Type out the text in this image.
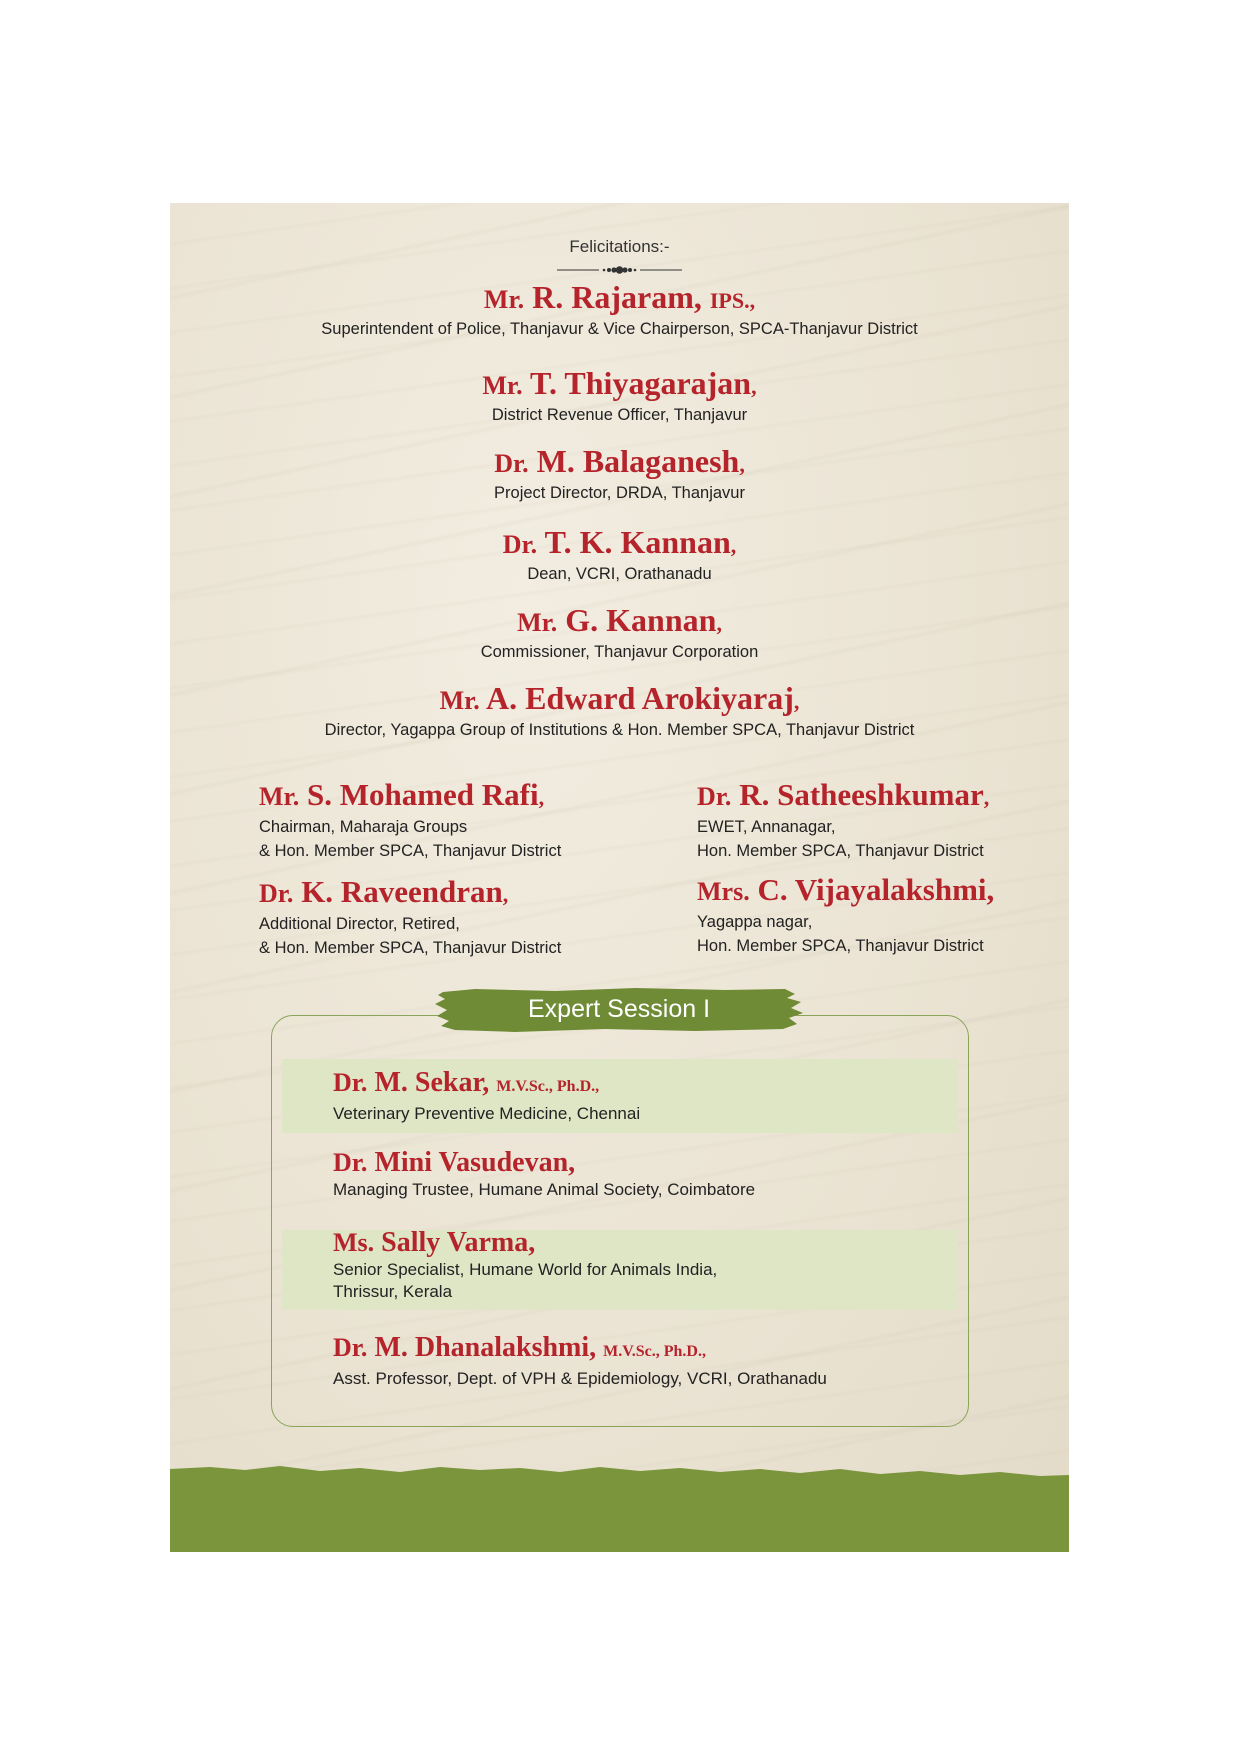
Felicitations:-
Mr. R. Rajaram, IPS.,
Superintendent of Police, Thanjavur & Vice Chairperson, SPCA-Thanjavur District
Mr. T. Thiyagarajan,
District Revenue Officer, Thanjavur
Dr. M. Balaganesh,
Project Director, DRDA, Thanjavur
Dr. T. K. Kannan,
Dean, VCRI, Orathanadu
Mr. G. Kannan,
Commissioner, Thanjavur Corporation
Mr. A. Edward Arokiyaraj,
Director, Yagappa Group of Institutions & Hon. Member SPCA, Thanjavur District
Mr. S. Mohamed Rafi,
Chairman, Maharaja Groups
& Hon. Member SPCA, Thanjavur District
Dr. K. Raveendran,
Additional Director, Retired,
& Hon. Member SPCA, Thanjavur District
Dr. R. Satheeshkumar,
EWET, Annanagar,
Hon. Member SPCA, Thanjavur District
Mrs. C. Vijayalakshmi,
Yagappa nagar,
Hon. Member SPCA, Thanjavur District
Expert Session I
Dr. M. Sekar, M.V.Sc., Ph.D.,
Veterinary Preventive Medicine, Chennai
Dr. Mini Vasudevan,
Managing Trustee, Humane Animal Society, Coimbatore
Ms. Sally Varma,
Senior Specialist, Humane World for Animals India,
Thrissur, Kerala
Dr. M. Dhanalakshmi, M.V.Sc., Ph.D.,
Asst. Professor, Dept. of VPH & Epidemiology, VCRI, Orathanadu
